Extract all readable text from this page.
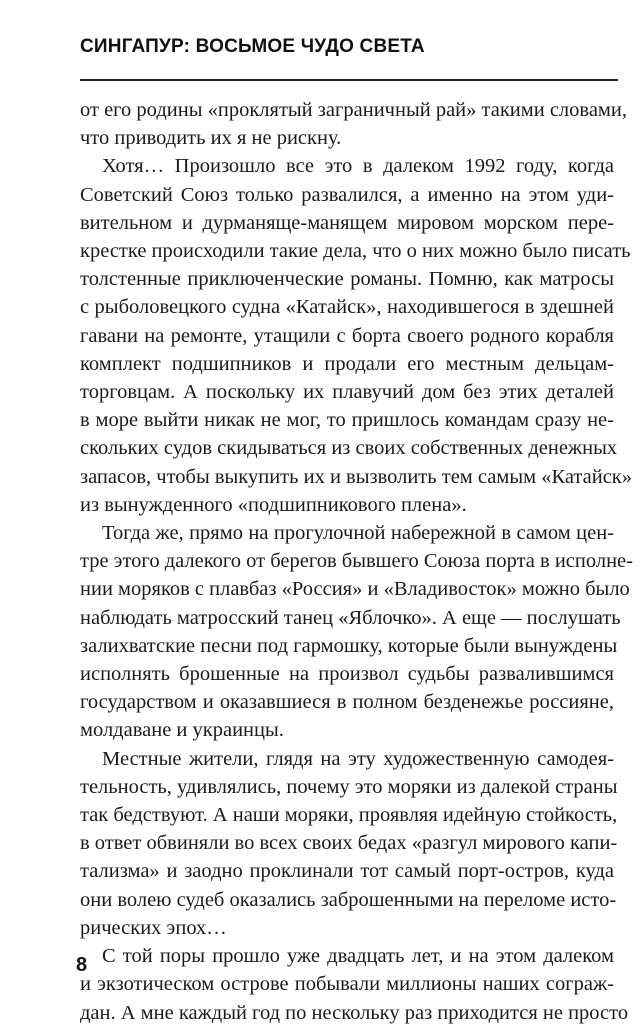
СИНГАПУР: ВОСЬМОЕ ЧУДО СВЕТА

от его родины «проклятый заграничный рай» такими словами,
что приводить их я не рискну.

Хотя… Произошло все это в далеком 1992 году, когда
Советский Союз только развалился, а именно на этом уди-
вительном и дурманяще-манящем мировом морском пере-
крестке происходили такие дела, что о них можно было писать
толстенные приключенческие романы. Помню, как матросы
с рыболовецкого судна «Катайск», находившегося в здешней
гавани на ремонте, утащили с борта своего родного корабля
комплект подшипников и продали его местным дельцам-
торговцам. А поскольку их плавучий дом без этих деталей
в море выйти никак не мог, то пришлось командам сразу не-
скольких судов скидываться из своих собственных денежных
запасов, чтобы выкупить их и вызволить тем самым «Катайск»
из вынужденного «подшипникового плена».

Тогда же, прямо на прогулочной набережной в самом цен-
тре этого далекого от берегов бывшего Союза порта в исполне-
нии моряков с плавбаз «Россия» и «Владивосток» можно было
наблюдать матросский танец «Яблочко». А еще — послушать
залихватские песни под гармошку, которые были вынуждены
исполнять брошенные на произвол судьбы развалившимся
государством и оказавшиеся в полном безденежье россияне,
молдаване и украинцы.

Местные жители, глядя на эту художественную самодея-
тельность, удивлялись, почему это моряки из далекой страны
так бедствуют. А наши моряки, проявляя идейную стойкость,
в ответ обвиняли во всех своих бедах «разгул мирового капи-
тализма» и заодно проклинали тот самый порт-остров, куда
они волею судеб оказались заброшенными на переломе исто-
рических эпох…

С той поры прошло уже двадцать лет, и на этом далеком
и экзотическом острове побывали миллионы наших сограж-
дан. А мне каждый год по нескольку раз приходится не просто

8
